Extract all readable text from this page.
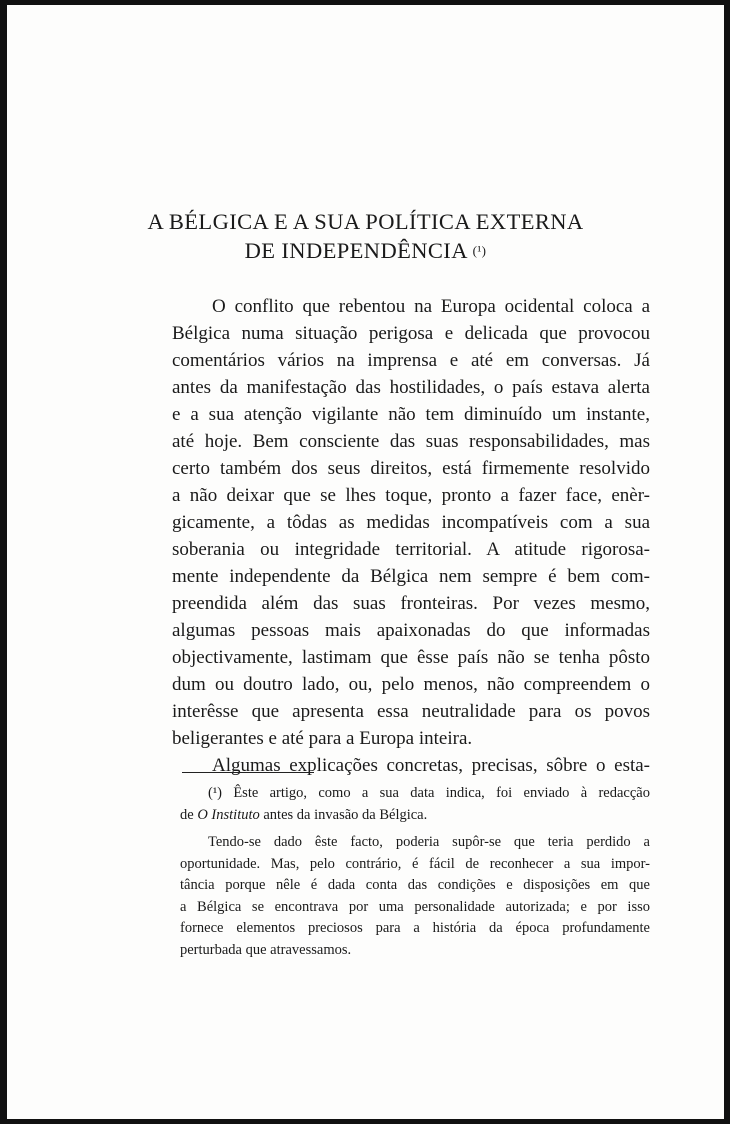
A BÉLGICA E A SUA POLÍTICA EXTERNA
DE INDEPENDÊNCIA (¹)
O conflito que rebentou na Europa ocidental coloca a
Bélgica numa situação perigosa e delicada que provocou
comentários vários na imprensa e até em conversas. Já
antes da manifestação das hostilidades, o país estava alerta
e a sua atenção vigilante não tem diminuído um instante,
até hoje. Bem consciente das suas responsabilidades, mas
certo também dos seus direitos, está firmemente resolvido
a não deixar que se lhes toque, pronto a fazer face, enèr-
gicamente, a tôdas as medidas incompatíveis com a sua
soberania ou integridade territorial. A atitude rigorosa-
mente independente da Bélgica nem sempre é bem com-
preendida além das suas fronteiras. Por vezes mesmo,
algumas pessoas mais apaixonadas do que informadas
objectivamente, lastimam que êsse país não se tenha pôsto
dum ou doutro lado, ou, pelo menos, não compreendem o
interêsse que apresenta essa neutralidade para os povos
beligerantes e até para a Europa inteira.
Algumas explicações concretas, precisas, sôbre o esta-
(¹) Êste artigo, como a sua data indica, foi enviado à redacção
de O Instituto antes da invasão da Bélgica.
Tendo-se dado êste facto, poderia supôr-se que teria perdido a
oportunidade. Mas, pelo contrário, é fácil de reconhecer a sua impor-
tância porque nêle é dada conta das condições e disposições em que
a Bélgica se encontrava por uma personalidade autorizada; e por isso
fornece elementos preciosos para a história da época profundamente
perturbada que atravessamos.
